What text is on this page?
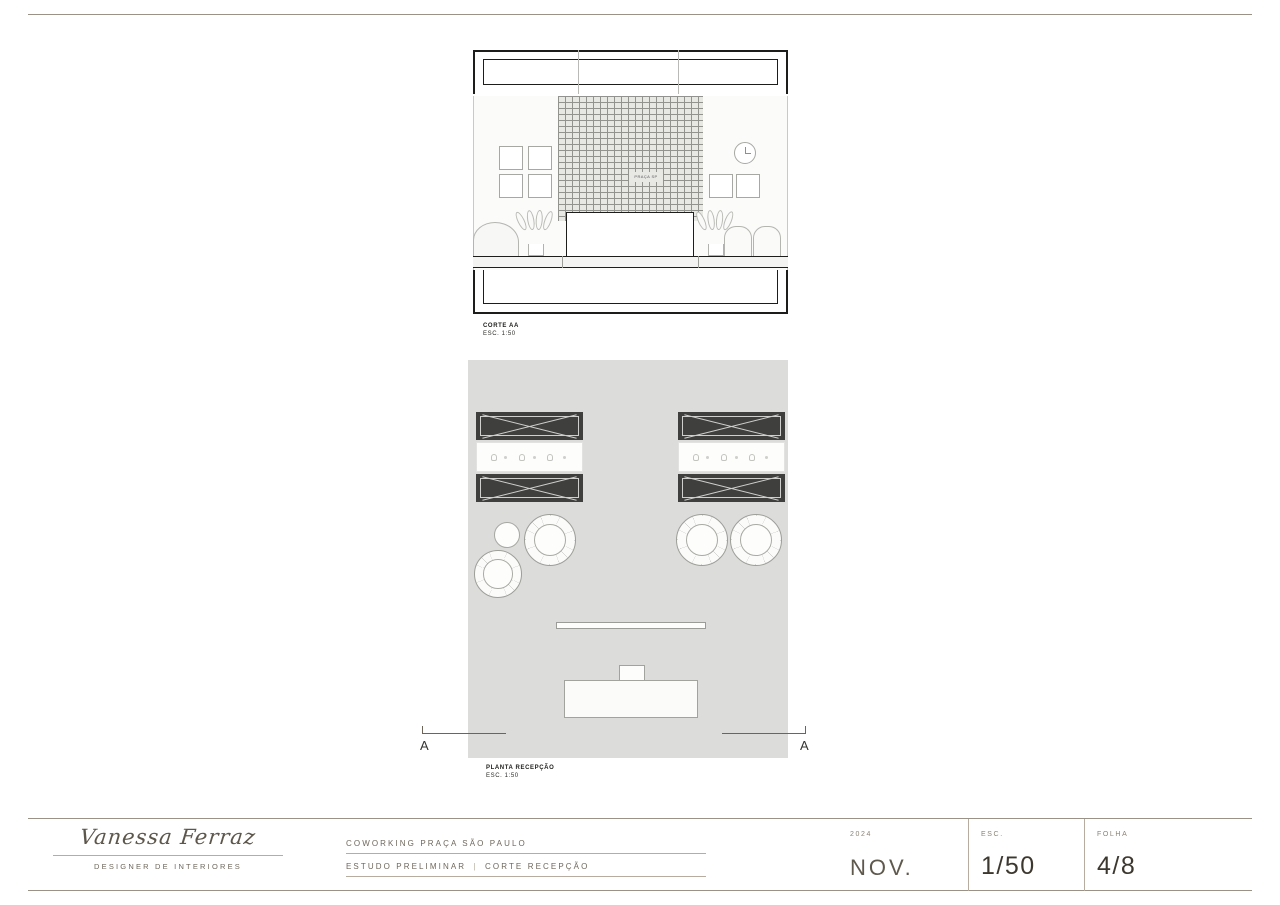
PRAÇA SP
CORTE AA
ESC. 1:50
A	A
PLANTA RECEPÇÃO
ESC. 1:50
Vanessa Ferraz
DESIGNER DE INTERIORES
COWORKING PRAÇA SÃO PAULO
ESTUDO PRELIMINAR | CORTE RECEPÇÃO
2024
NOV.
ESC.
1/50
FOLHA
4/8
